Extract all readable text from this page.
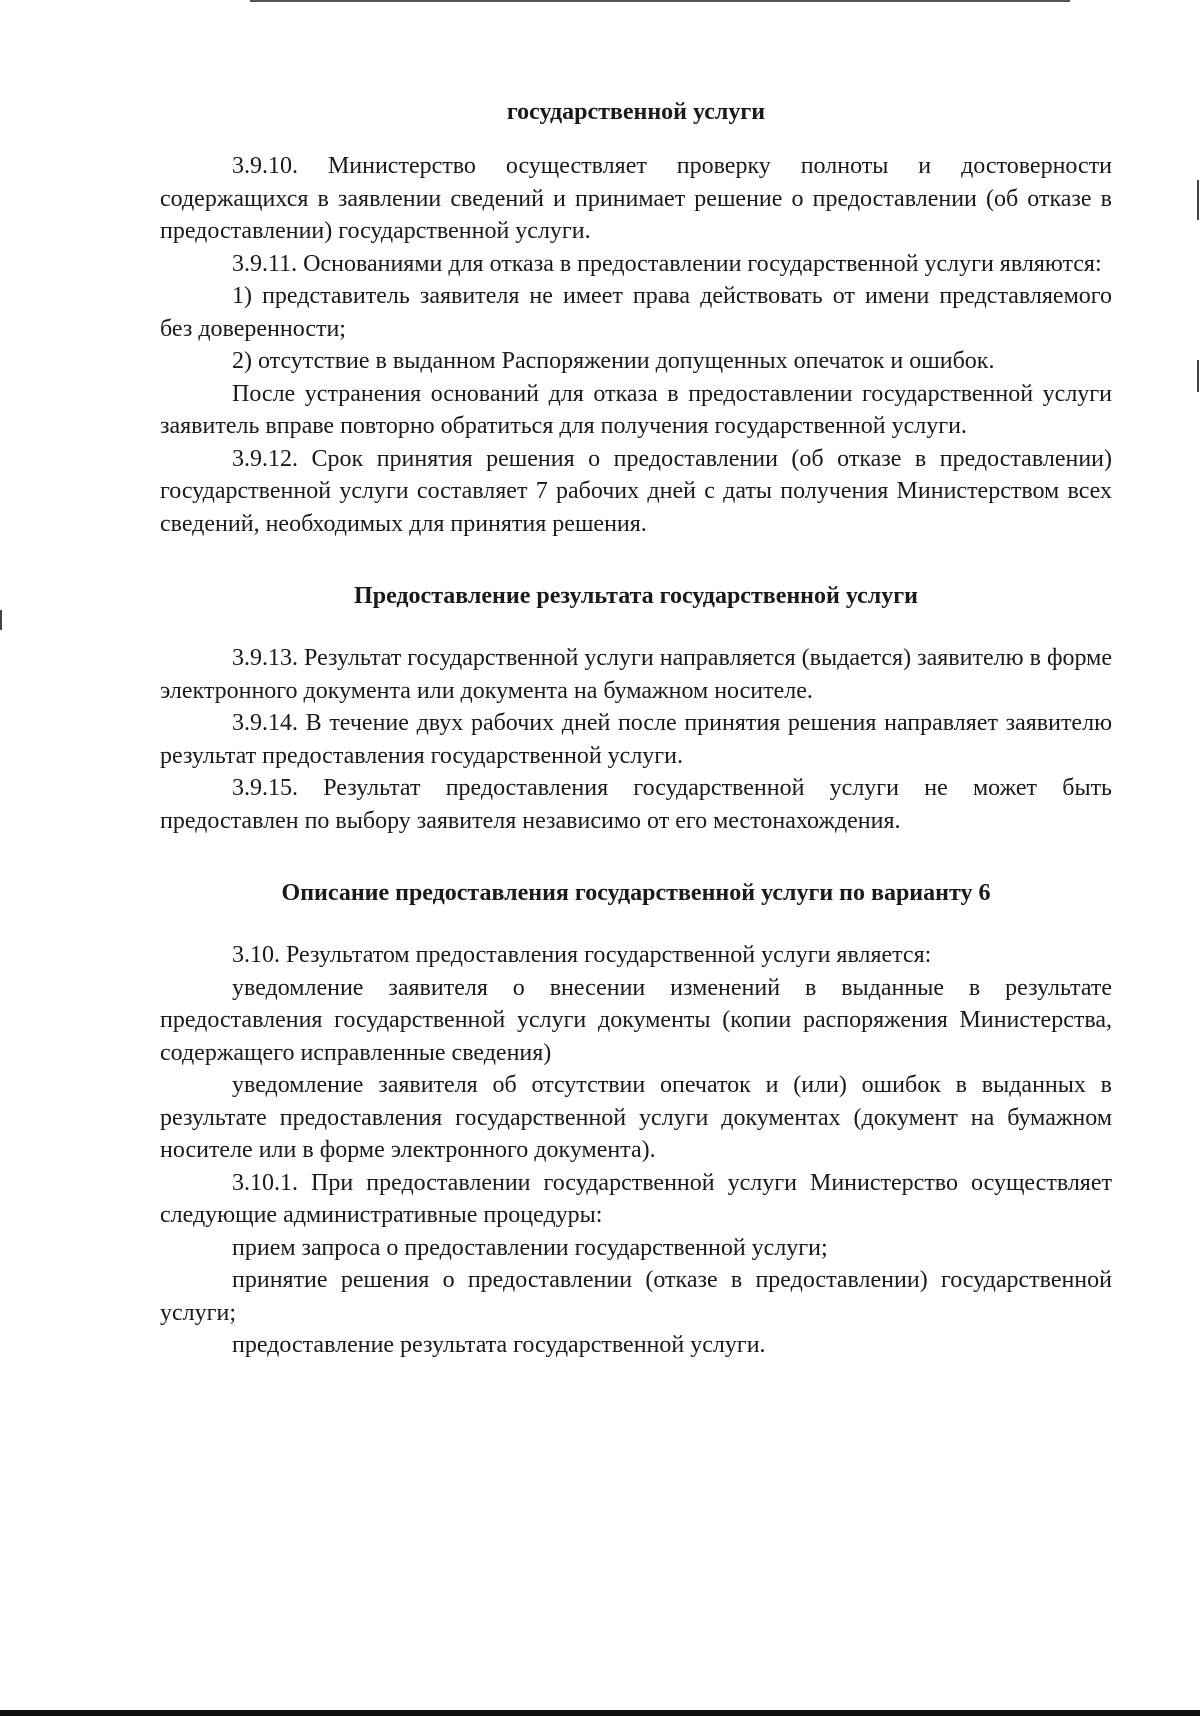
государственной услуги

3.9.10. Министерство осуществляет проверку полноты и достоверности содержащихся в заявлении сведений и принимает решение о предоставлении (об отказе в предоставлении) государственной услуги.

3.9.11. Основаниями для отказа в предоставлении государственной услуги являются:

1) представитель заявителя не имеет права действовать от имени представляемого без доверенности;

2) отсутствие в выданном Распоряжении допущенных опечаток и ошибок.

После устранения оснований для отказа в предоставлении государственной услуги заявитель вправе повторно обратиться для получения государственной услуги.

3.9.12. Срок принятия решения о предоставлении (об отказе в предоставлении) государственной услуги составляет 7 рабочих дней с даты получения Министерством всех сведений, необходимых для принятия решения.

Предоставление результата государственной услуги

3.9.13. Результат государственной услуги направляется (выдается) заявителю в форме электронного документа или документа на бумажном носителе.

3.9.14. В течение двух рабочих дней после принятия решения направляет заявителю результат предоставления государственной услуги.

3.9.15. Результат предоставления государственной услуги не может быть предоставлен по выбору заявителя независимо от его местонахождения.

Описание предоставления государственной услуги по варианту 6

3.10. Результатом предоставления государственной услуги является:

уведомление заявителя о внесении изменений в выданные в результате предоставления государственной услуги документы (копии распоряжения Министерства, содержащего исправленные сведения)

уведомление заявителя об отсутствии опечаток и (или) ошибок в выданных в результате предоставления государственной услуги документах (документ на бумажном носителе или в форме электронного документа).

3.10.1. При предоставлении государственной услуги Министерство осуществляет следующие административные процедуры:

прием запроса о предоставлении государственной услуги;

принятие решения о предоставлении (отказе в предоставлении) государственной услуги;

предоставление результата государственной услуги.
